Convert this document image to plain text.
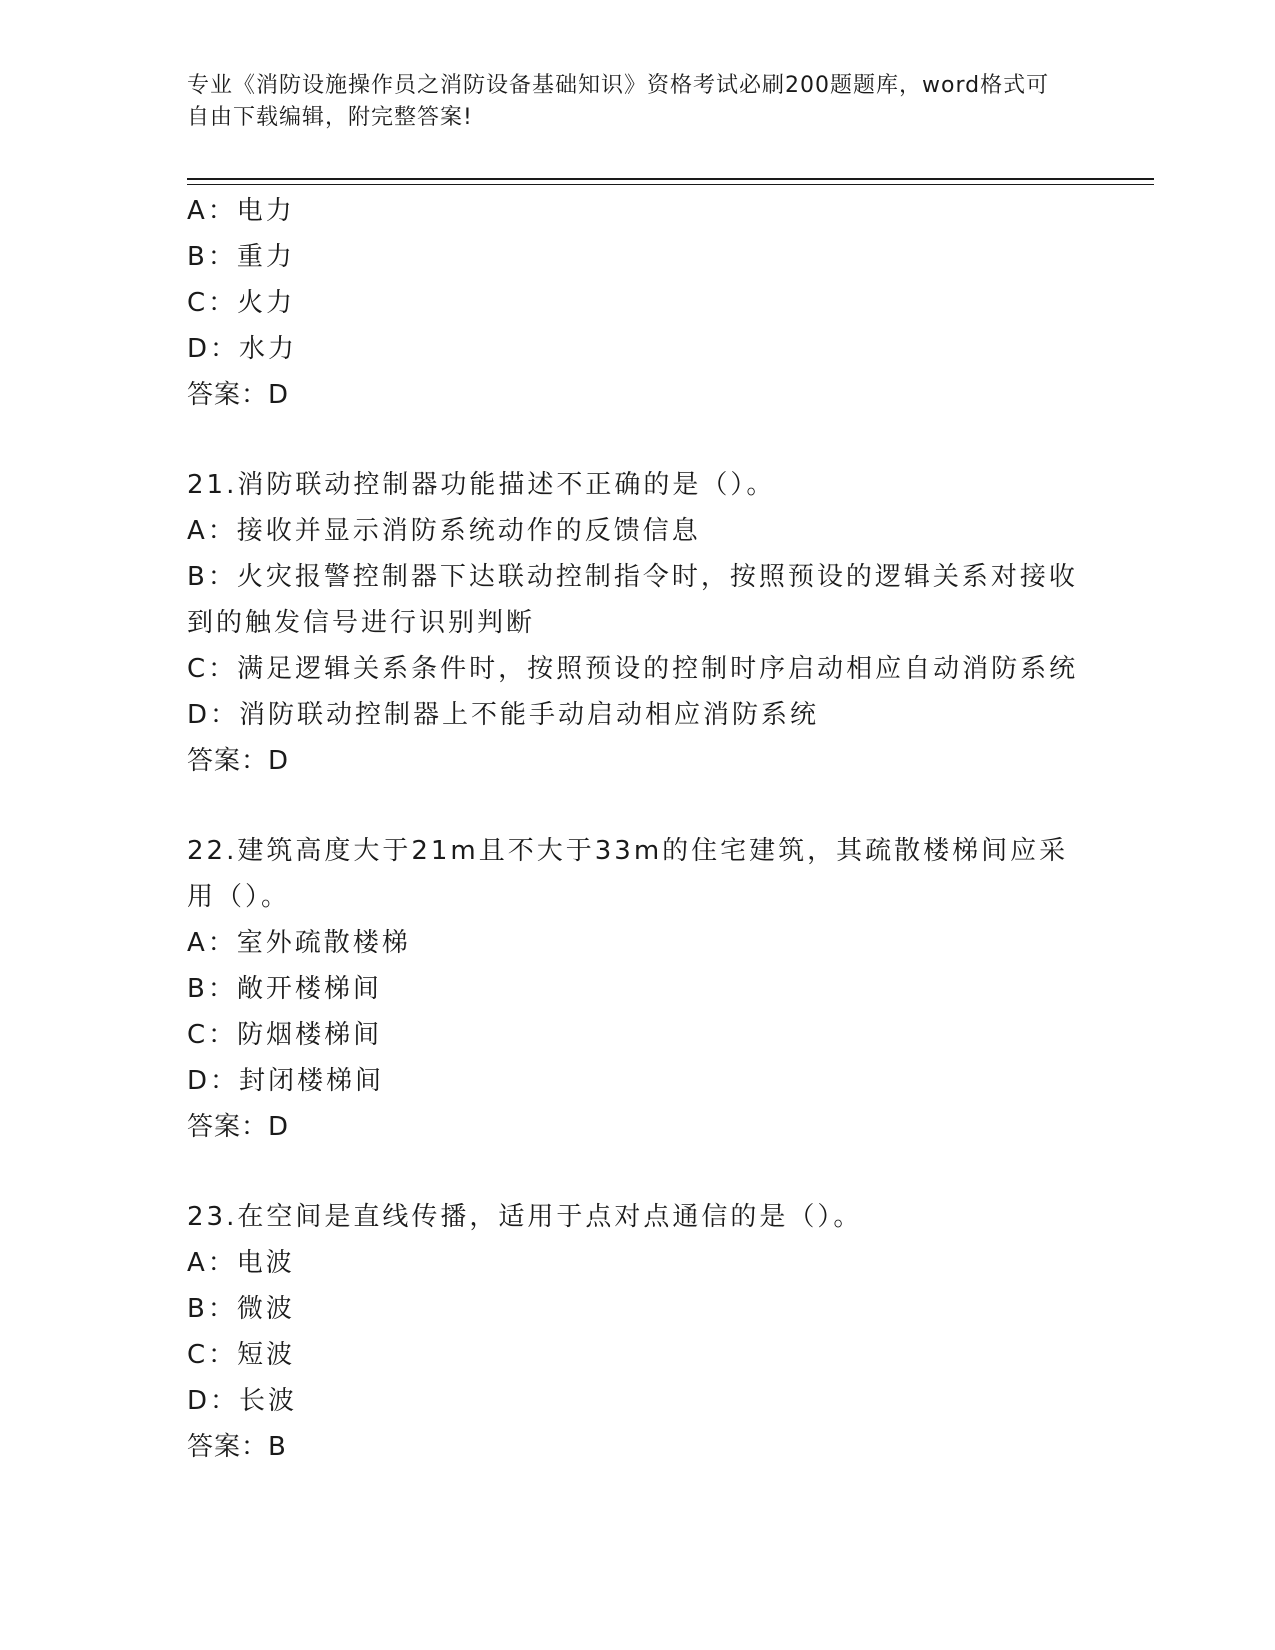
专业《消防设施操作员之消防设备基础知识》资格考试必刷200题题库，word格式可自由下载编辑，附完整答案!
A：电力
B：重力
C：火力
D：水力
答案：D
21.消防联动控制器功能描述不正确的是（）。
A：接收并显示消防系统动作的反馈信息
B：火灾报警控制器下达联动控制指令时，按照预设的逻辑关系对接收到的触发信号进行识别判断
C：满足逻辑关系条件时，按照预设的控制时序启动相应自动消防系统
D：消防联动控制器上不能手动启动相应消防系统
答案：D
22.建筑高度大于21m且不大于33m的住宅建筑，其疏散楼梯间应采用（）。
A：室外疏散楼梯
B：敞开楼梯间
C：防烟楼梯间
D：封闭楼梯间
答案：D
23.在空间是直线传播，适用于点对点通信的是（）。
A：电波
B：微波
C：短波
D：长波
答案：B
